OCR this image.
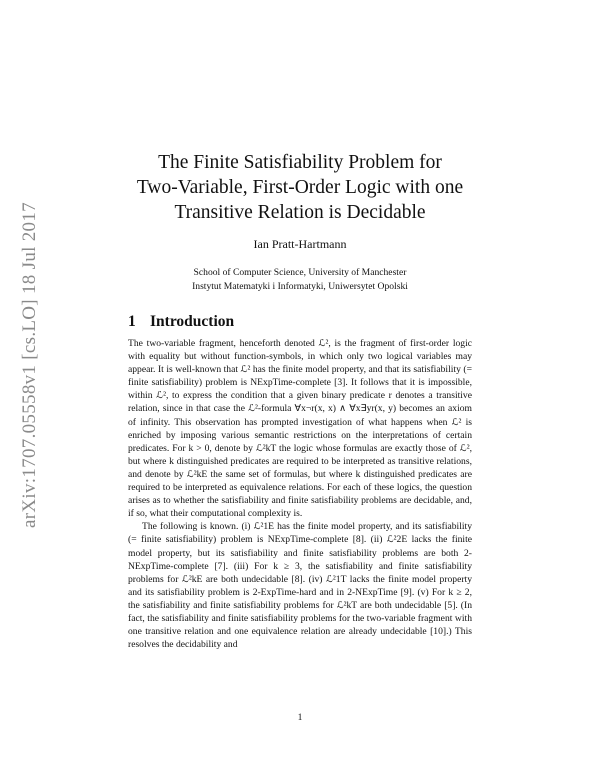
arXiv:1707.05558v1 [cs.LO] 18 Jul 2017
The Finite Satisfiability Problem for
Two-Variable, First-Order Logic with one
Transitive Relation is Decidable
Ian Pratt-Hartmann
School of Computer Science, University of Manchester
Instytut Matematyki i Informatyki, Uniwersytet Opolski
1 Introduction

The two-variable fragment, henceforth denoted ℒ², is the fragment of first-order logic with equality but without function-symbols, in which only two logical variables may appear. It is well-known that ℒ² has the finite model property, and that its satisfiability (= finite satisfiability) problem is NExpTime-complete [3]. It follows that it is impossible, within ℒ², to express the condition that a given binary predicate r denotes a transitive relation, since in that case the ℒ²-formula ∀x¬r(x, x) ∧ ∀x∃yr(x, y) becomes an axiom of infinity. This observation has prompted investigation of what happens when ℒ² is enriched by imposing various semantic restrictions on the interpretations of certain predicates. For k > 0, denote by ℒ²kT the logic whose formulas are exactly those of ℒ², but where k distinguished predicates are required to be interpreted as transitive relations, and denote by ℒ²kE the same set of formulas, but where k distinguished predicates are required to be interpreted as equivalence relations. For each of these logics, the question arises as to whether the satisfiability and finite satisfiability problems are decidable, and, if so, what their computational complexity is.

The following is known. (i) ℒ²1E has the finite model property, and its satisfiability (= finite satisfiability) problem is NExpTime-complete [8]. (ii) ℒ²2E lacks the finite model property, but its satisfiability and finite satisfiability problems are both 2-NExpTime-complete [7]. (iii) For k ≥ 3, the satisfiability and finite satisfiability problems for ℒ²kE are both undecidable [8]. (iv) ℒ²1T lacks the finite model property and its satisfiability problem is 2-ExpTime-hard and in 2-NExpTime [9]. (v) For k ≥ 2, the satisfiability and finite satisfiability problems for ℒ²kT are both undecidable [5]. (In fact, the satisfiability and finite satisfiability problems for the two-variable fragment with one transitive relation and one equivalence relation are already undecidable [10].) This resolves the decidability and

1
